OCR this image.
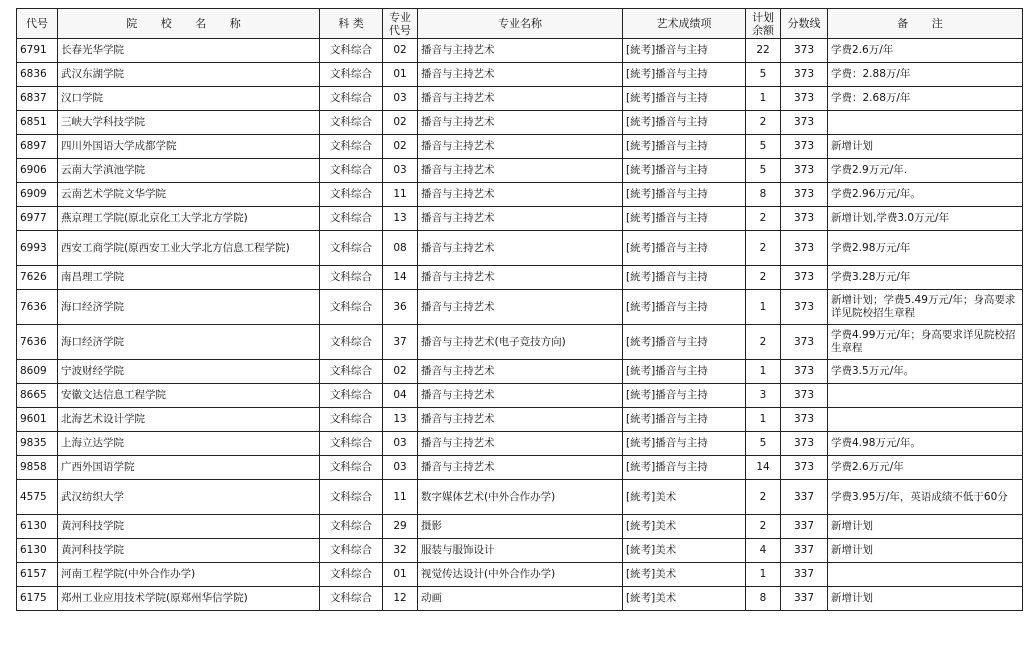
代号	院 校 名 称	科 类	专业代号	专业名称	艺术成绩项	计划余额	分数线	备 注
6791	长春光华学院	文科综合	02	播音与主持艺术	[統考]播音与主持	22	373	学费2.6万/年
6836	武汉东湖学院	文科综合	01	播音与主持艺术	[統考]播音与主持	5	373	学费：2.88万/年
6837	汉口学院	文科综合	03	播音与主持艺术	[統考]播音与主持	1	373	学费：2.68万/年
6851	三峡大学科技学院	文科综合	02	播音与主持艺术	[統考]播音与主持	2	373	
6897	四川外国语大学成都学院	文科综合	02	播音与主持艺术	[統考]播音与主持	5	373	新增计划
6906	云南大学滇池学院	文科综合	03	播音与主持艺术	[統考]播音与主持	5	373	学费2.9万元/年.
6909	云南艺术学院文华学院	文科综合	11	播音与主持艺术	[統考]播音与主持	8	373	学费2.96万元/年。
6977	燕京理工学院(原北京化工大学北方学院)	文科综合	13	播音与主持艺术	[統考]播音与主持	2	373	新增计划,学费3.0万元/年
6993	西安工商学院(原西安工业大学北方信息工程学院)	文科综合	08	播音与主持艺术	[統考]播音与主持	2	373	学费2.98万元/年
7626	南昌理工学院	文科综合	14	播音与主持艺术	[統考]播音与主持	2	373	学费3.28万元/年
7636	海口经济学院	文科综合	36	播音与主持艺术	[統考]播音与主持	1	373	新增计划；学费5.49万元/年；身高要求详见院校招生章程
7636	海口经济学院	文科综合	37	播音与主持艺术(电子竞技方向)	[統考]播音与主持	2	373	学费4.99万元/年；身高要求详见院校招生章程
8609	宁波财经学院	文科综合	02	播音与主持艺术	[統考]播音与主持	1	373	学费3.5万元/年。
8665	安徽文达信息工程学院	文科综合	04	播音与主持艺术	[統考]播音与主持	3	373	
9601	北海艺术设计学院	文科综合	13	播音与主持艺术	[統考]播音与主持	1	373	
9835	上海立达学院	文科综合	03	播音与主持艺术	[統考]播音与主持	5	373	学费4.98万元/年。
9858	广西外国语学院	文科综合	03	播音与主持艺术	[統考]播音与主持	14	373	学费2.6万元/年
4575	武汉纺织大学	文科综合	11	数字媒体艺术(中外合作办学)	[統考]美术	2	337	学费3.95万/年，英语成绩不低于60分
6130	黄河科技学院	文科综合	29	摄影	[統考]美术	2	337	新增计划
6130	黄河科技学院	文科综合	32	服装与服饰设计	[統考]美术	4	337	新增计划
6157	河南工程学院(中外合作办学)	文科综合	01	视觉传达设计(中外合作办学)	[統考]美术	1	337	
6175	郑州工业应用技术学院(原郑州华信学院)	文科综合	12	动画	[統考]美术	8	337	新增计划
